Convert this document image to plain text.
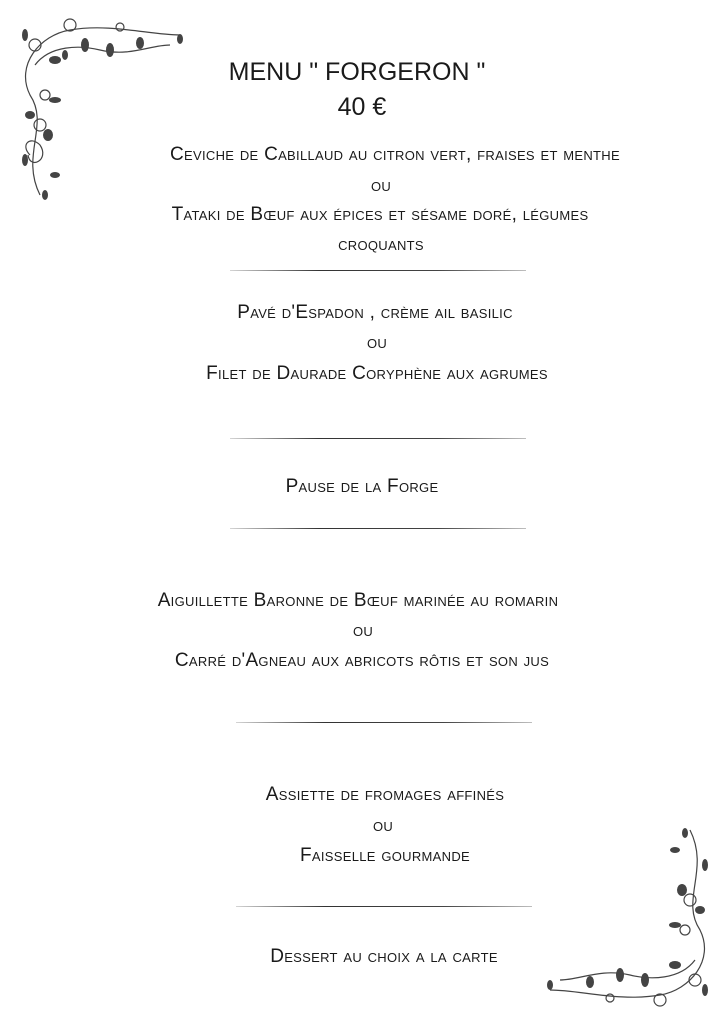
MENU " FORGERON "
40 €
Ceviche de Cabillaud au citron vert, fraises et menthe
ou
Tataki de Bœuf aux épices et sésame doré, légumes
croquants
Pavé d'Espadon , crème ail basilic
ou
Filet de Daurade Coryphène aux agrumes
Pause de la Forge
Aiguillette Baronne de Bœuf marinée au romarin
ou
Carré d'Agneau aux abricots rôtis et son jus
Assiette de fromages affinés
ou
Faisselle gourmande
Dessert au choix a la carte
